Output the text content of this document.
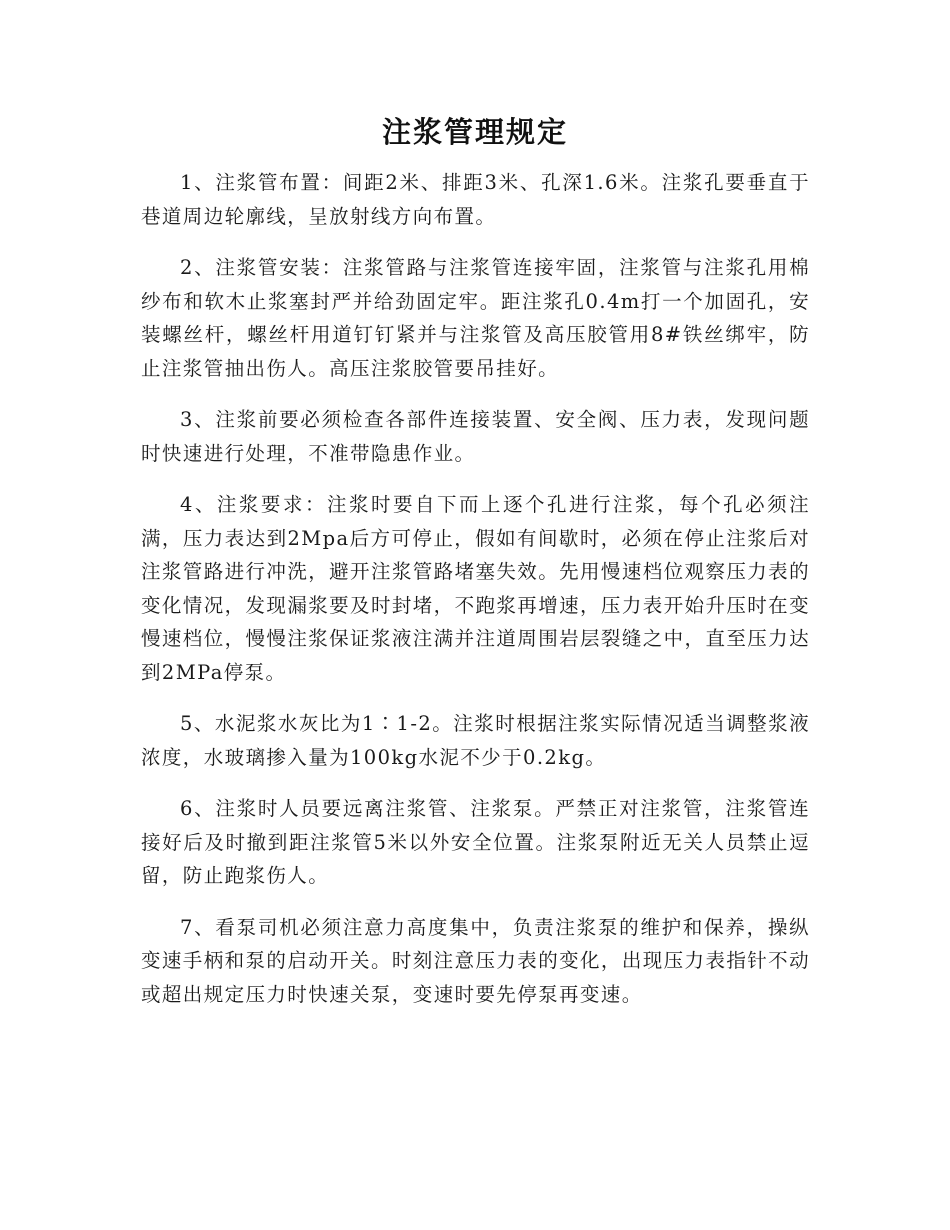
注浆管理规定

1、注浆管布置：间距2米、排距3米、孔深1.6米。注浆孔要垂直于巷道周边轮廓线，呈放射线方向布置。

2、注浆管安装：注浆管路与注浆管连接牢固，注浆管与注浆孔用棉纱布和软木止浆塞封严并给劲固定牢。距注浆孔0.4m打一个加固孔，安装螺丝杆，螺丝杆用道钉钉紧并与注浆管及高压胶管用8#铁丝绑牢，防止注浆管抽出伤人。高压注浆胶管要吊挂好。

3、注浆前要必须检查各部件连接装置、安全阀、压力表，发现问题时快速进行处理，不准带隐患作业。

4、注浆要求：注浆时要自下而上逐个孔进行注浆，每个孔必须注满，压力表达到2Mpa后方可停止，假如有间歇时，必须在停止注浆后对注浆管路进行冲洗，避开注浆管路堵塞失效。先用慢速档位观察压力表的变化情况，发现漏浆要及时封堵，不跑浆再增速，压力表开始升压时在变慢速档位，慢慢注浆保证浆液注满并注道周围岩层裂缝之中，直至压力达到2MPa停泵。

5、水泥浆水灰比为1∶1-2。注浆时根据注浆实际情况适当调整浆液浓度，水玻璃掺入量为100kg水泥不少于0.2kg。

6、注浆时人员要远离注浆管、注浆泵。严禁正对注浆管，注浆管连接好后及时撤到距注浆管5米以外安全位置。注浆泵附近无关人员禁止逗留，防止跑浆伤人。

7、看泵司机必须注意力高度集中，负责注浆泵的维护和保养，操纵变速手柄和泵的启动开关。时刻注意压力表的变化，出现压力表指针不动或超出规定压力时快速关泵，变速时要先停泵再变速。
